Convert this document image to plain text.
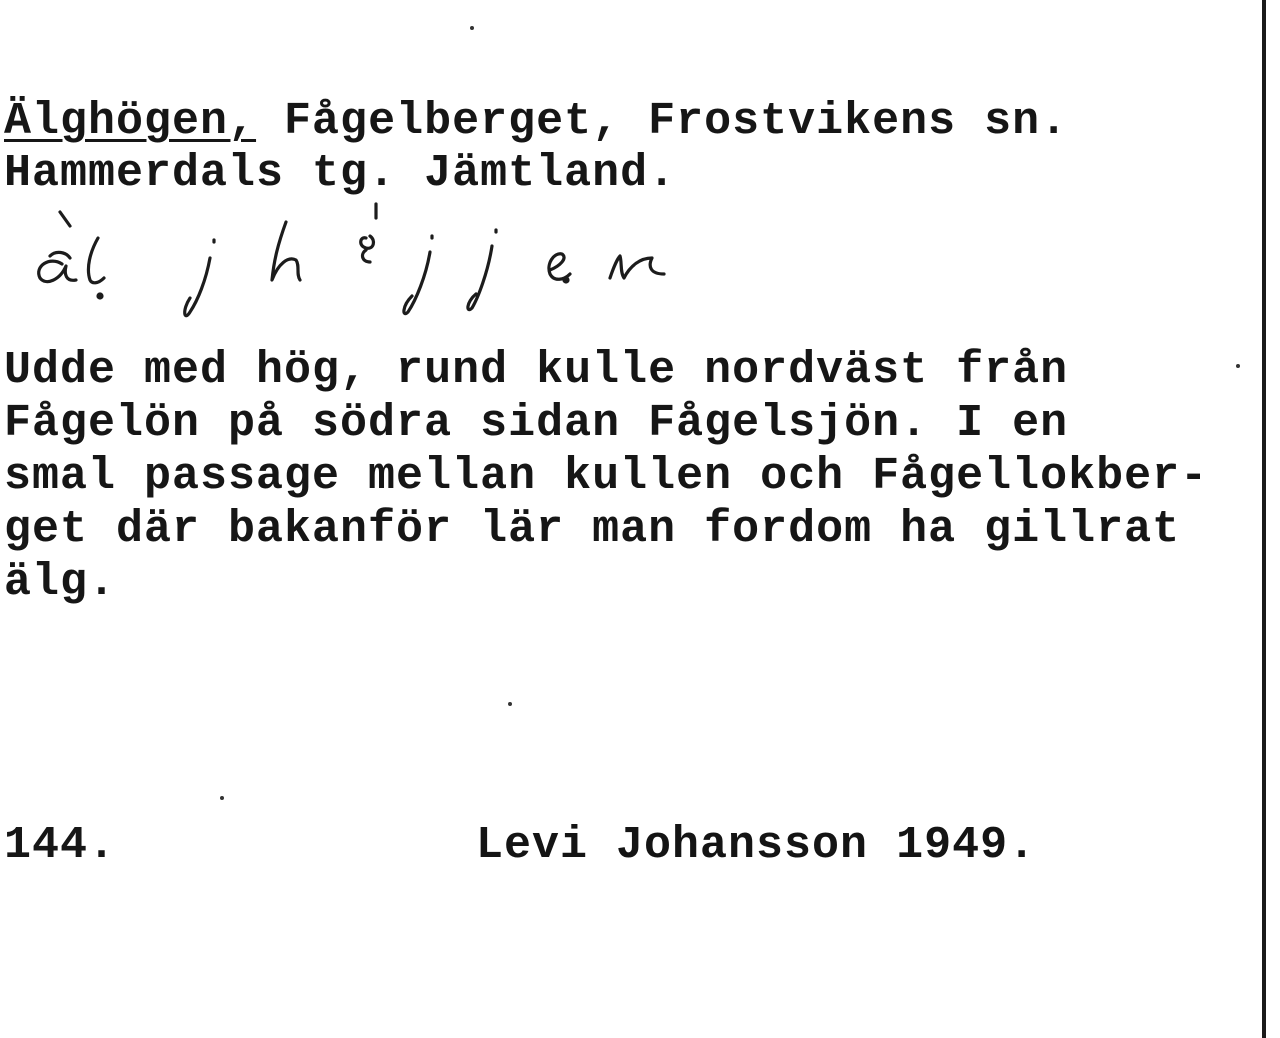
Älghögen, Fågelberget, Frostvikens sn.

Hammerdals tg. Jämtland.

Udde med hög, rund kulle nordväst från
Fågelön på södra sidan Fågelsjön. I en
smal passage mellan kullen och Fågellokber-
get där bakanför lär man fordom ha gillrat
älg.

144.	Levi Johansson 1949.
